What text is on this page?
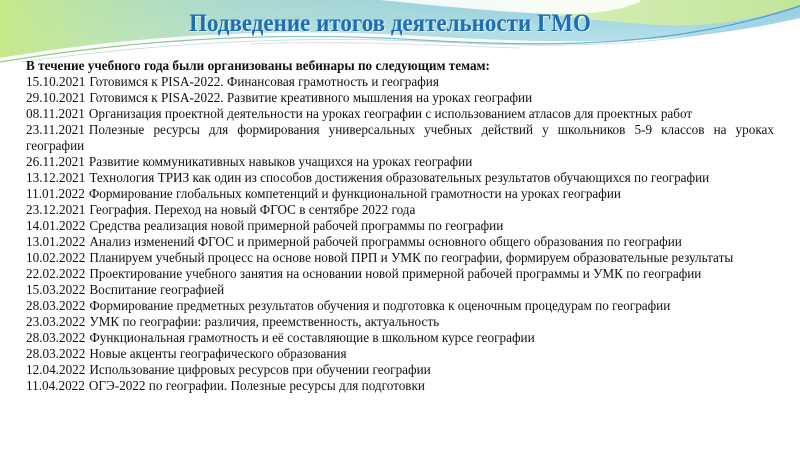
Подведение итогов деятельности ГМО
В течение учебного года были организованы вебинары по следующим темам:
15.10.2021 Готовимся к PISA-2022. Финансовая грамотность и география
29.10.2021 Готовимся к PISA-2022. Развитие креативного мышления на уроках географии
08.11.2021 Организация проектной деятельности на уроках географии с использованием атласов для проектных работ
23.11.2021 Полезные ресурсы для формирования универсальных учебных действий у школьников 5-9 классов на уроках географии
26.11.2021 Развитие коммуникативных навыков учащихся на уроках географии
13.12.2021 Технология ТРИЗ как один из способов достижения образовательных результатов обучающихся по географии
11.01.2022 Формирование глобальных компетенций и функциональной грамотности на уроках географии
23.12.2021 География. Переход на новый ФГОС в сентябре 2022 года
14.01.2022 Средства реализация новой примерной рабочей программы по географии
13.01.2022 Анализ изменений ФГОС и примерной рабочей программы основного общего образования по географии
10.02.2022 Планируем учебный процесс на основе новой ПРП и УМК по географии, формируем образовательные результаты
22.02.2022 Проектирование учебного занятия на основании новой примерной рабочей программы и УМК по географии
15.03.2022 Воспитание географией
28.03.2022 Формирование предметных результатов обучения и подготовка к оценочным процедурам по географии
23.03.2022 УМК по географии: различия, преемственность, актуальность
28.03.2022 Функциональная грамотность и её составляющие в школьном курсе географии
28.03.2022 Новые акценты географического образования
12.04.2022 Использование цифровых ресурсов при обучении географии
11.04.2022 ОГЭ-2022 по географии. Полезные ресурсы для подготовки
